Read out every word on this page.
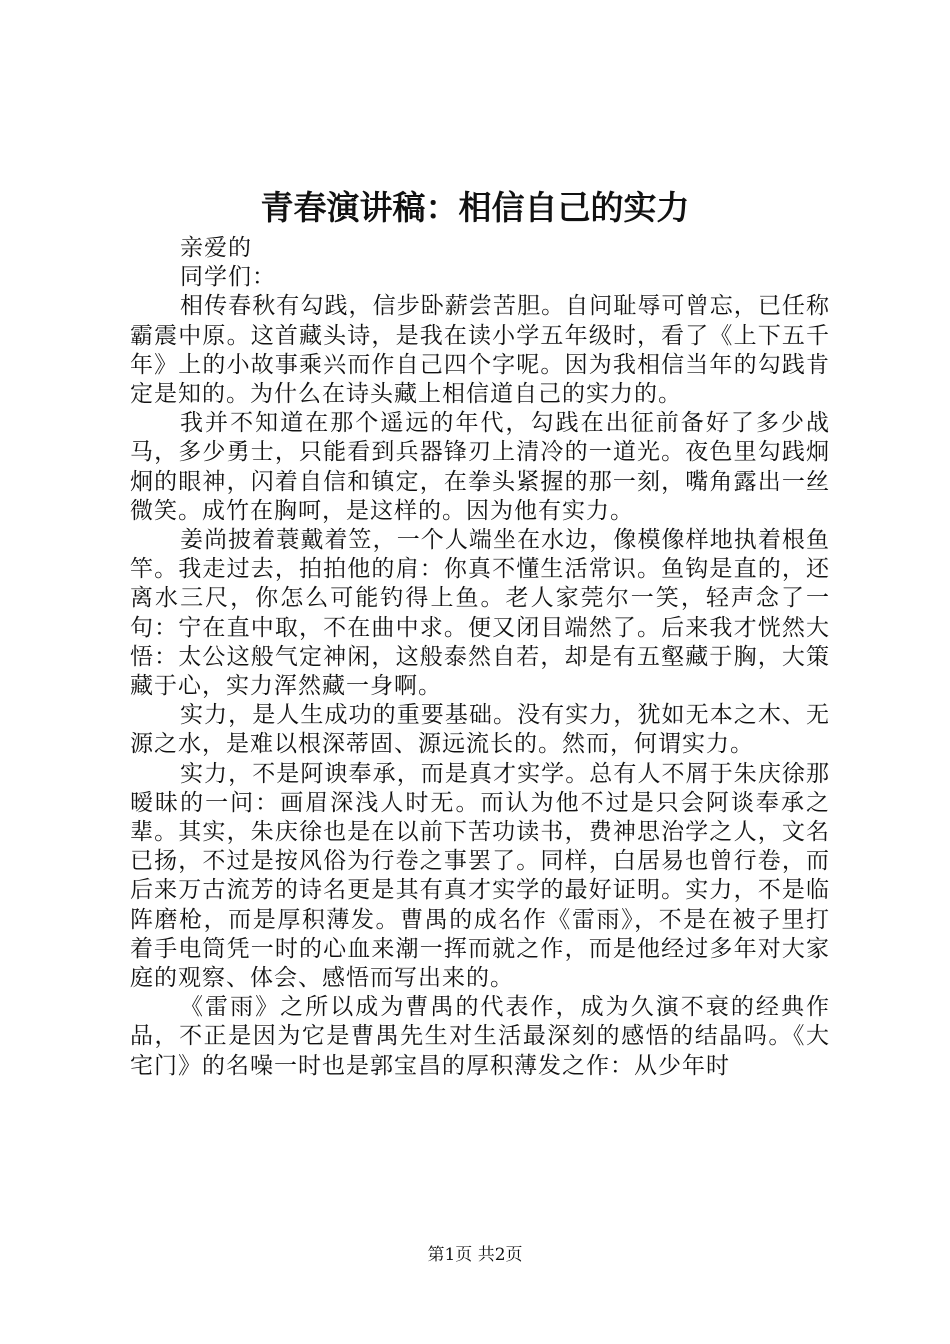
青春演讲稿：相信自己的实力

亲爱的

同学们：

相传春秋有勾践，信步卧薪尝苦胆。自问耻辱可曾忘，已任称霸震中原。这首藏头诗，是我在读小学五年级时，看了《上下五千年》上的小故事乘兴而作自己四个字呢。因为我相信当年的勾践肯定是知的。为什么在诗头藏上相信道自己的实力的。

我并不知道在那个遥远的年代，勾践在出征前备好了多少战马，多少勇士，只能看到兵器锋刃上清冷的一道光。夜色里勾践炯炯的眼神，闪着自信和镇定，在拳头紧握的那一刻，嘴角露出一丝微笑。成竹在胸呵，是这样的。因为他有实力。

姜尚披着蓑戴着笠，一个人端坐在水边，像模像样地执着根鱼竿。我走过去，拍拍他的肩：你真不懂生活常识。鱼钩是直的，还离水三尺，你怎么可能钓得上鱼。老人家莞尔一笑，轻声念了一句：宁在直中取，不在曲中求。便又闭目端然了。后来我才恍然大悟：太公这般气定神闲，这般泰然自若，却是有五壑藏于胸，大策藏于心，实力浑然藏一身啊。

实力，是人生成功的重要基础。没有实力，犹如无本之木、无源之水，是难以根深蒂固、源远流长的。然而，何谓实力。

实力，不是阿谀奉承，而是真才实学。总有人不屑于朱庆徐那暧昧的一问：画眉深浅人时无。而认为他不过是只会阿谈奉承之辈。其实，朱庆徐也是在以前下苦功读书，费神思治学之人，文名已扬，不过是按风俗为行卷之事罢了。同样，白居易也曾行卷，而后来万古流芳的诗名更是其有真才实学的最好证明。实力，不是临阵磨枪，而是厚积薄发。曹禺的成名作《雷雨》，不是在被子里打着手电筒凭一时的心血来潮一挥而就之作，而是他经过多年对大家庭的观察、体会、感悟而写出来的。

《雷雨》之所以成为曹禺的代表作，成为久演不衰的经典作品，不正是因为它是曹禺先生对生活最深刻的感悟的结晶吗。《大宅门》的名噪一时也是郭宝昌的厚积薄发之作：从少年时

第1页 共2页
